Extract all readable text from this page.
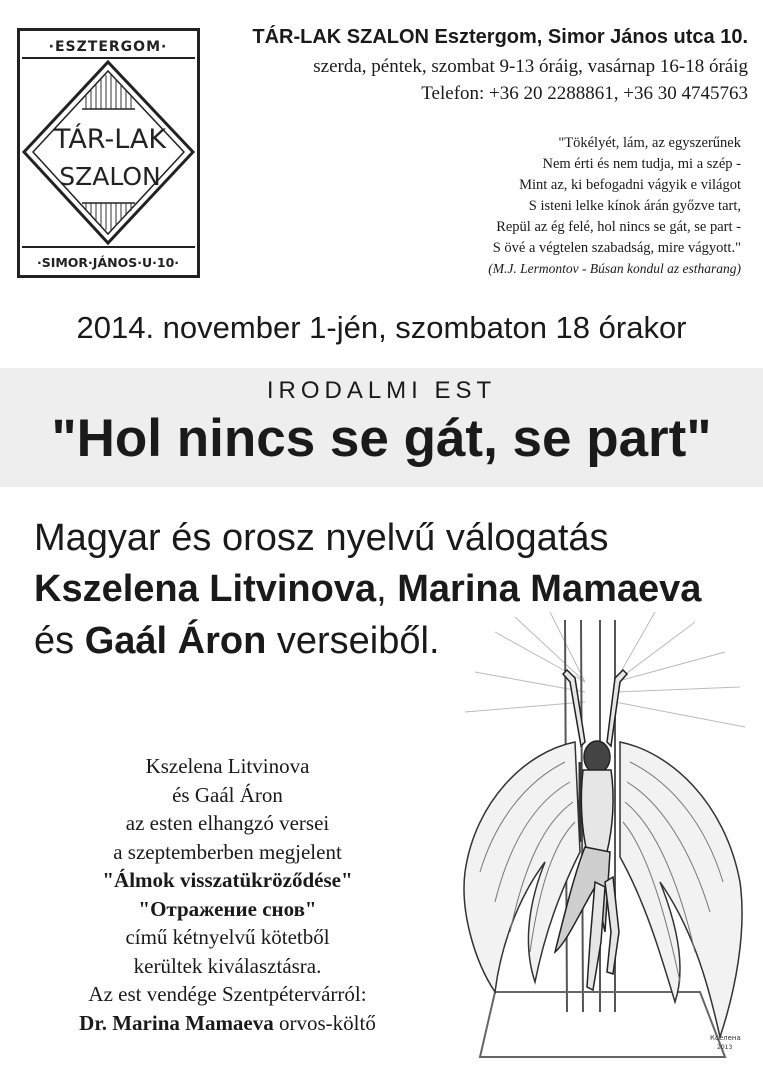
·ESZTERGOM·
TÁR-LAK
SZALON
·SIMOR·JÁNOS·U·10·
TÁR-LAK SZALON Esztergom, Simor János utca 10.
szerda, péntek, szombat 9-13 óráig, vasárnap 16-18 óráig
Telefon: +36 20 2288861, +36 30 4745763
"Tökélyét, lám, az egyszerűnek
Nem érti és nem tudja, mi a szép -
Mint az, ki befogadni vágyik e világot
S isteni lelke kínok árán győzve tart,
Repül az ég felé, hol nincs se gát, se part -
S övé a végtelen szabadság, mire vágyott."
(M.J. Lermontov - Búsan kondul az estharang)
2014. november 1-jén, szombaton 18 órakor
IRODALMI EST
"Hol nincs se gát, se part"
Magyar és orosz nyelvű válogatás
Kszelena Litvinova, Marina Mamaeva
és Gaál Áron verseiből.
Kszelena Litvinova
és Gaál Áron
az esten elhangzó versei
a szeptemberben megjelent
"Álmok visszatükröződése"
"Отражение снов"
című kétnyelvű kötetből
kerültek kiválasztásra.
Az est vendége Szentpétervárról:
Dr. Marina Mamaeva orvos-költő
Кселенa
2013
